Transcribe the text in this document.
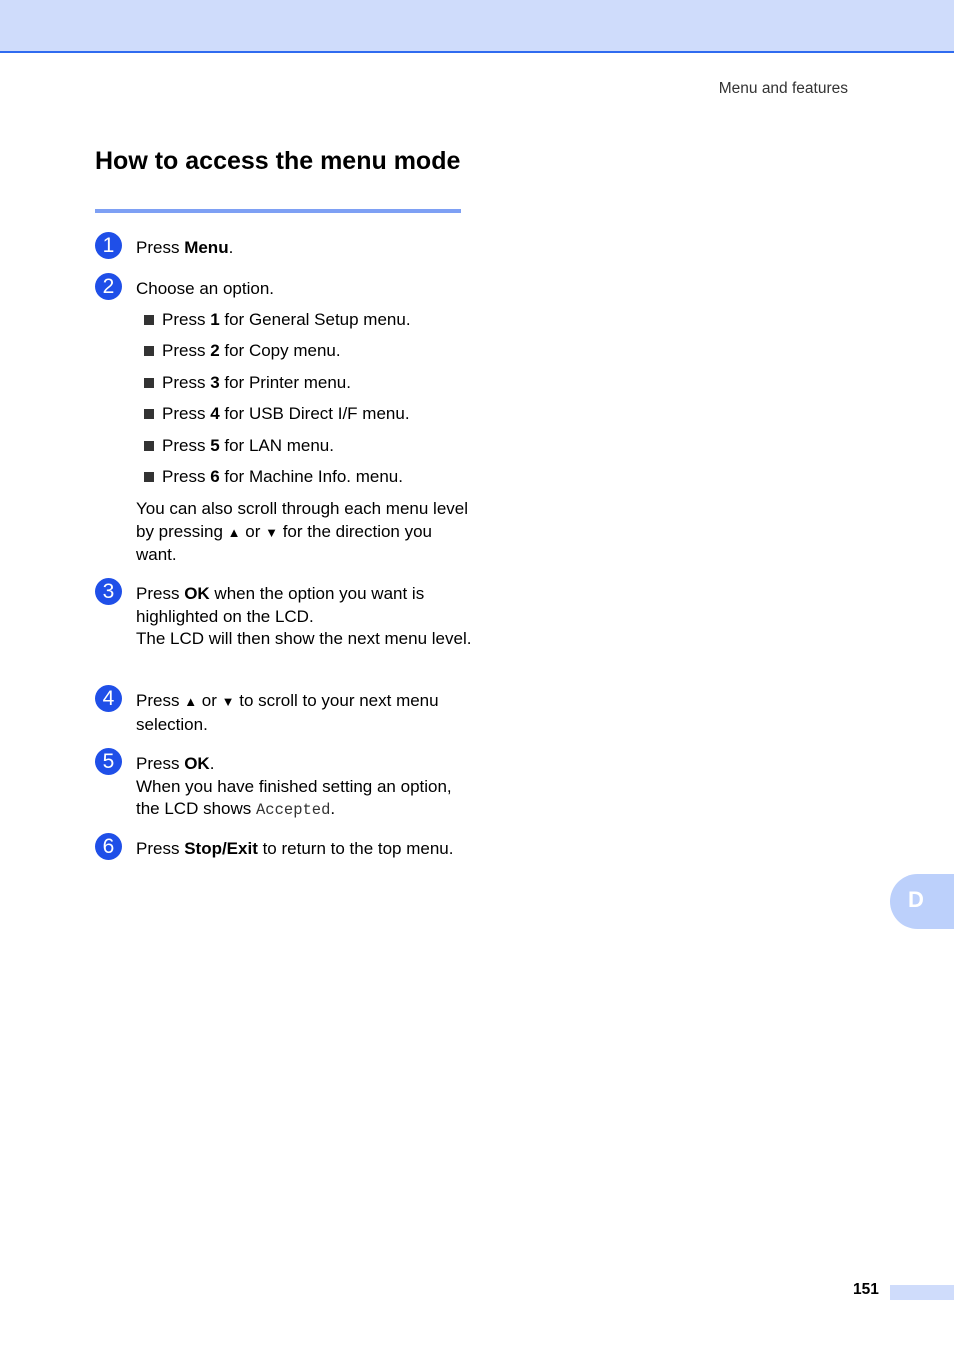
Menu and features
How to access the menu mode
1	Press Menu.

2	Choose an option.

Press 1 for General Setup menu.
Press 2 for Copy menu.
Press 3 for Printer menu.
Press 4 for USB Direct I/F menu.
Press 5 for LAN menu.
Press 6 for Machine Info. menu.

You can also scroll through each menu level by pressing ▲ or ▼ for the direction you want.

3	Press OK when the option you want is highlighted on the LCD.

The LCD will then show the next menu level.

4	Press ▲ or ▼ to scroll to your next menu selection.

5	Press OK.

When you have finished setting an option, the LCD shows Accepted.

6	Press Stop/Exit to return to the top menu.

D
151
